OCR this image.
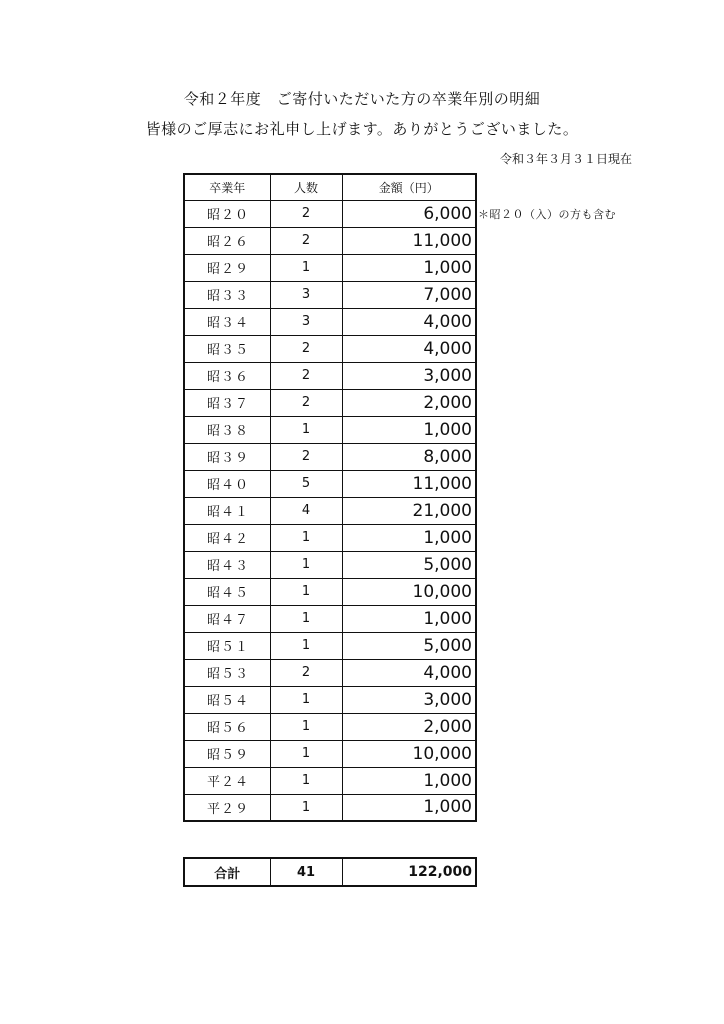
令和２年度　ご寄付いただいた方の卒業年別の明細
皆様のご厚志にお礼申し上げます。ありがとうございました。
令和３年３月３１日現在
卒業年	人数	金額（円）
昭２０	2	6,000
昭２６	2	11,000
昭２９	1	1,000
昭３３	3	7,000
昭３４	3	4,000
昭３５	2	4,000
昭３６	2	3,000
昭３７	2	2,000
昭３８	1	1,000
昭３９	2	8,000
昭４０	5	11,000
昭４１	4	21,000
昭４２	1	1,000
昭４３	1	5,000
昭４５	1	10,000
昭４７	1	1,000
昭５１	1	5,000
昭５３	2	4,000
昭５４	1	3,000
昭５６	1	2,000
昭５９	1	10,000
平２４	1	1,000
平２９	1	1,000
＊昭２０（入）の方も含む
合計	41	122,000
